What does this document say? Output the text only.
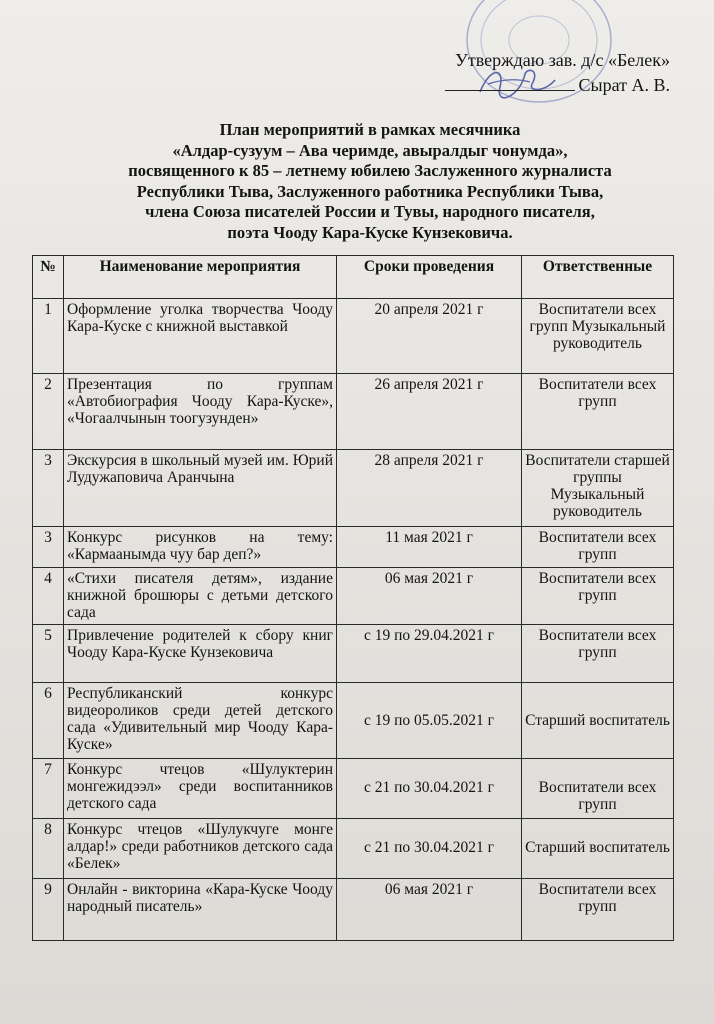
Утверждаю зав. д/с «Белек»
Сырат А. В.
План мероприятий в рамках месячника
«Алдар-сузуум – Ава черимде, авыралдыг чонумда»,
посвященного к 85 – летнему юбилею Заслуженного журналиста
Республики Тыва, Заслуженного работника Республики Тыва,
члена Союза писателей России и Тувы, народного писателя,
поэта Чооду Кара-Куске Кунзековича.
№	Наименование мероприятия	Сроки проведения	Ответственные
1	Оформление уголка творчества Чооду Кара-Куске с книжной выставкой	20 апреля 2021 г	Воспитатели всех групп Музыкальный руководитель
2	Презентация по группам «Автобиография Чооду Кара-Куске», «Чогаалчынын тоогузунден»	26 апреля 2021 г	Воспитатели всех групп
3	Экскурсия в школьный музей им. Юрий Лудужаповича Аранчына	28 апреля 2021 г	Воспитатели старшей группы Музыкальный руководитель
3	Конкурс рисунков на тему: «Кармаанымда чуу бар деп?»	11 мая 2021 г	Воспитатели всех групп
4	«Стихи писателя детям», издание книжной брошюры с детьми детского сада	06 мая 2021 г	Воспитатели всех групп
5	Привлечение родителей к сбору книг Чооду Кара-Куске Кунзековича	с 19 по 29.04.2021 г	Воспитатели всех групп
6	Республиканский конкурс видеороликов среди детей детского сада «Удивительный мир Чооду Кара-Куске»	с 19 по 05.05.2021 г	Старший воспитатель
7	Конкурс чтецов «Шулуктерин монгежидээл» среди воспитанников детского сада	с 21 по 30.04.2021 г	Воспитатели всех групп
8	Конкурс чтецов «Шулукчуге монге алдар!» среди работников детского сада «Белек»	с 21 по 30.04.2021 г	Старший воспитатель
9	Онлайн - викторина «Кара-Куске Чооду народный писатель»	06 мая 2021 г	Воспитатели всех групп
